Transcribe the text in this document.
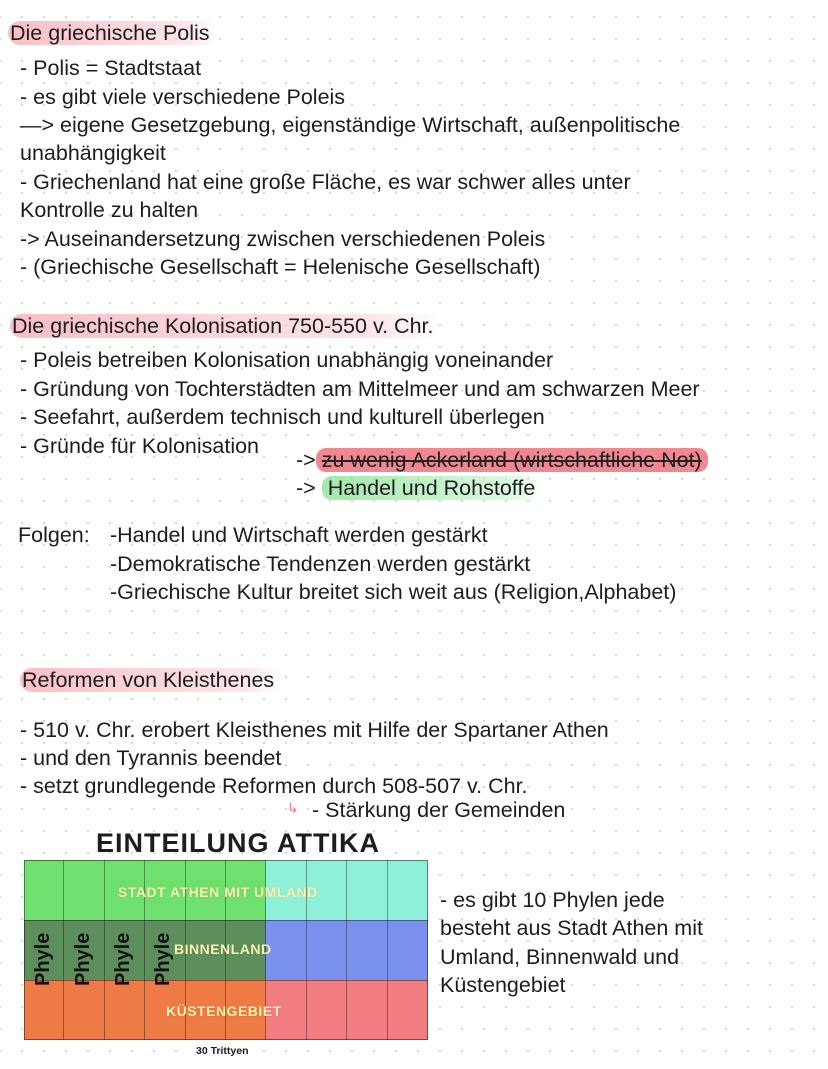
Die griechische Polis
- Polis = Stadtstaat
- es gibt viele verschiedene Poleis
—> eigene Gesetzgebung, eigenständige Wirtschaft, außenpolitische
unabhängigkeit
- Griechenland hat eine große Fläche, es war schwer alles unter
Kontrolle zu halten
-> Auseinandersetzung zwischen verschiedenen Poleis
- (Griechische Gesellschaft = Helenische Gesellschaft)
Die griechische Kolonisation 750-550 v. Chr.
- Poleis betreiben Kolonisation unabhängig voneinander
- Gründung von Tochterstädten am Mittelmeer und am schwarzen Meer
- Seefahrt, außerdem technisch und kulturell überlegen
- Gründe für Kolonisation
-> zu wenig Ackerland (wirtschaftliche Not)
-> Handel und Rohstoffe
Folgen: -Handel und Wirtschaft werden gestärkt
-Demokratische Tendenzen werden gestärkt
-Griechische Kultur breitet sich weit aus (Religion,Alphabet)
Reformen von Kleisthenes
- 510 v. Chr. erobert Kleisthenes mit Hilfe der Spartaner Athen
- und den Tyrannis beendet
- setzt grundlegende Reformen durch 508-507 v. Chr.
↳ - Stärkung der Gemeinden
EINTEILUNG ATTIKA
STADT ATHEN MIT UMLAND
BINNENLAND
KÜSTENGEBIET
Phyle Phyle Phyle Phyle
30 Trittyen
- es gibt 10 Phylen jede
besteht aus Stadt Athen mit
Umland, Binnenwald und
Küstengebiet
